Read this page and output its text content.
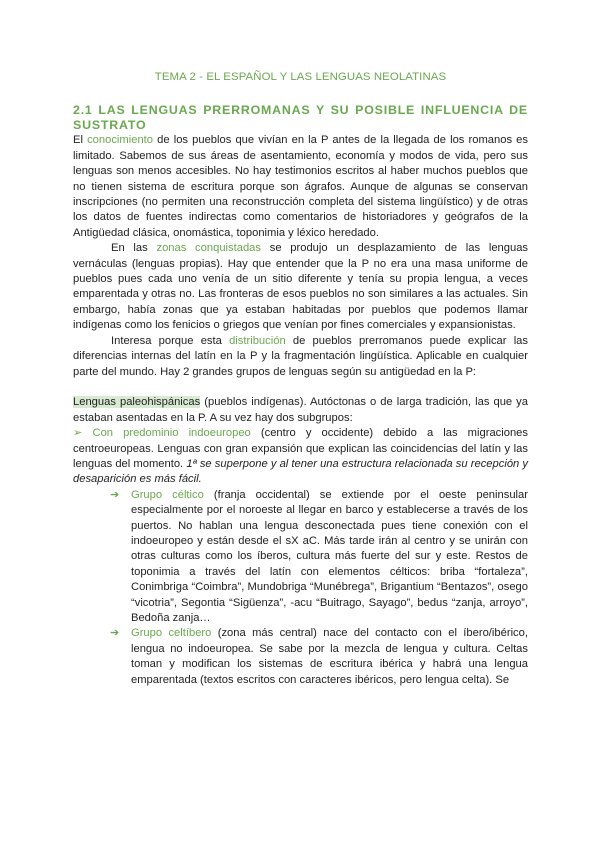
TEMA 2 - EL ESPAÑOL Y LAS LENGUAS NEOLATINAS
2.1 LAS LENGUAS PRERROMANAS Y SU POSIBLE INFLUENCIA DE
SUSTRATO

El conocimiento de los pueblos que vivían en la P antes de la llegada de los romanos es limitado. Sabemos de sus áreas de asentamiento, economía y modos de vida, pero sus lenguas son menos accesibles. No hay testimonios escritos al haber muchos pueblos que no tienen sistema de escritura porque son ágrafos. Aunque de algunas se conservan inscripciones (no permiten una reconstrucción completa del sistema lingüístico) y de otras los datos de fuentes indirectas como comentarios de historiadores y geógrafos de la Antigüedad clásica, onomástica, toponimia y léxico heredado.

En las zonas conquistadas se produjo un desplazamiento de las lenguas vernáculas (lenguas propias). Hay que entender que la P no era una masa uniforme de pueblos pues cada uno venía de un sitio diferente y tenía su propia lengua, a veces emparentada y otras no. Las fronteras de esos pueblos no son similares a las actuales. Sin embargo, había zonas que ya estaban habitadas por pueblos que podemos llamar indígenas como los fenicios o griegos que venían por fines comerciales y expansionistas.

Interesa porque esta distribución de pueblos prerromanos puede explicar las diferencias internas del latín en la P y la fragmentación lingüística. Aplicable en cualquier parte del mundo. Hay 2 grandes grupos de lenguas según su antigüedad en la P:

Lenguas paleohispánicas (pueblos indígenas). Autóctonas o de larga tradición, las que ya estaban asentadas en la P. A su vez hay dos subgrupos:

➢ Con predominio indoeuropeo (centro y occidente) debido a las migraciones centroeuropeas. Lenguas con gran expansión que explican las coincidencias del latín y las lenguas del momento. 1ª se superpone y al tener una estructura relacionada su recepción y desaparición es más fácil.

➔	Grupo céltico (franja occidental) se extiende por el oeste peninsular especialmente por el noroeste al llegar en barco y establecerse a través de los puertos. No hablan una lengua desconectada pues tiene conexión con el indoeuropeo y están desde el sX aC. Más tarde irán al centro y se unirán con otras culturas como los íberos, cultura más fuerte del sur y este. Restos de toponimia a través del latín con elementos célticos: briba “fortaleza”, Conimbriga “Coimbra”, Mundobriga “Munébrega”, Brigantium “Bentazos”, osego “vicotria”, Segontia “Sigüenza”, -acu “Buitrago, Sayago”, bedus “zanja, arroyo”, Bedoña zanja…
➔	Grupo celtíbero (zona más central) nace del contacto con el íbero/ibérico, lengua no indoeuropea. Se sabe por la mezcla de lengua y cultura. Celtas toman y modifican los sistemas de escritura ibérica y habrá una lengua emparentada (textos escritos con caracteres ibéricos, pero lengua celta). Se
